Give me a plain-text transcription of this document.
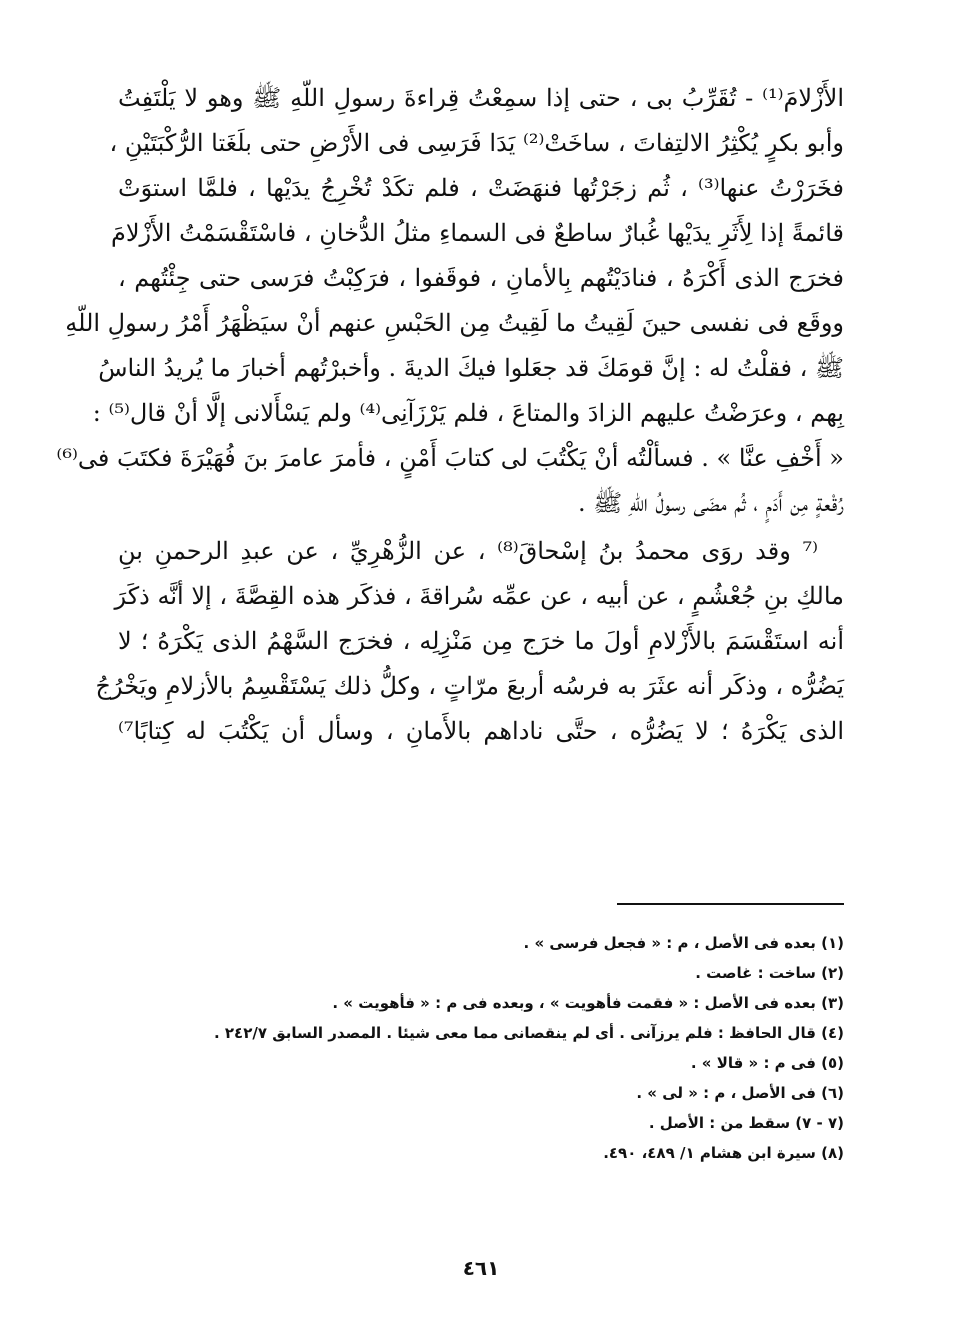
الأَزْلامَ⁽¹⁾ - تُقَرِّبُ بى ، حتى إذا سمِعْتُ قِراءةَ رسولِ اللّهِ ﷺ وهو لا يَلْتَفِتُ
وأبو بكرٍ يُكْثِرُ الالتِفاتَ ، ساخَتْ⁽²⁾ يَدَا فَرَسِى فى الأَرْضِ حتى بلَغَتا الرُّكْبَتَيْنِ ،
فخَرَرْتُ عنها⁽³⁾ ، ثُم زجَرْتُها فنهَضَتْ ، فلم تكَدْ تُخْرِجُ يدَيْها ، فلمَّا استوَتْ
قائمةً إذا لِأَثَرِ يدَيْها غُبارٌ ساطعٌ فى السماءِ مثلُ الدُّخانِ ، فاسْتَقْسَمْتُ الأَزْلامَ
فخرَج الذى أَكْرَهُ ، فنادَيْتُهم بِالأمانِ ، فوقَفوا ، فرَكِبْتُ فرَسى حتى جِئْتُهم ،
ووقَع فى نفسى حينَ لَقِيتُ ما لَقِيتُ مِن الحَبْسِ عنهم أنْ سيَظْهَرُ أَمْرُ رسولِ اللّهِ
ﷺ ، فقلْتُ له : إنَّ قومَكَ قد جعَلوا فيكَ الديةَ . وأخبرْتُهم أخبارَ ما يُريدُ الناسُ
بِهم ، وعرَضْتُ عليهم الزادَ والمتاعَ ، فلم يَرْزَآنِى⁽⁴⁾ ولم يَسْأَلانى إلَّا أنْ قال⁽⁵⁾ :
« أَخْفِ عنَّا » . فسألْتُه أنْ يَكْتُبَ لى كتابَ أَمْنٍ ، فأمرَ عامرَ بنَ فُهَيْرَةَ فكتَبَ فى⁽⁶⁾
رُقْعةٍ مِن أَدَمٍ ، ثُم مضَى رسولُ اللّهِ ﷺ .
⁽⁷ وقد روَى محمدُ بنُ إسْحاقَ⁽⁸⁾ ، عن الزُّهْرِيِّ ، عن عبدِ الرحمنِ بنِ
مالكِ بنِ جُعْشُمٍ ، عن أبيه ، عن عمِّه سُراقةَ ، فذكَر هذه القِصَّةَ ، إلا أنَّه ذكَرَ
أنه استَقْسَمَ بالأَزْلامِ أولَ ما خرَج مِن مَنْزِلِه ، فخرَج السَّهْمُ الذى يَكْرَهُ ؛ لا
يَضُرُّه ، وذكَر أنه عثَرَ به فرسُه أربعَ مرّاتٍ ، وكلُّ ذلك يَسْتَقْسِمُ بالأزلامِ ويَخْرُجُ
الذى يَكْرَهُ ؛ لا يَضُرُّه ، حتَّى ناداهم بالأَمانِ ، وسأل أن يَكْتُبَ له كِتابًا⁷⁾
(١) بعده فى الأصل ، م : « فجعل فرسى » .
(٢) ساخت : غاصت .
(٣) بعده فى الأصل : « فقمت فأهويت » ، وبعده فى م : « فأهويت » .
(٤) قال الحافظ : فلم يرزآنى . أى لم ينقصانى مما معى شيئا . المصدر السابق ٢٤٢/٧ .
(٥) فى م : « قالا » .
(٦) فى الأصل ، م : « لى » .
(٧ - ٧) سقط من : الأصل .
(٨) سيرة ابن هشام ١/ ٤٨٩، ٤٩٠.
٤٦١
